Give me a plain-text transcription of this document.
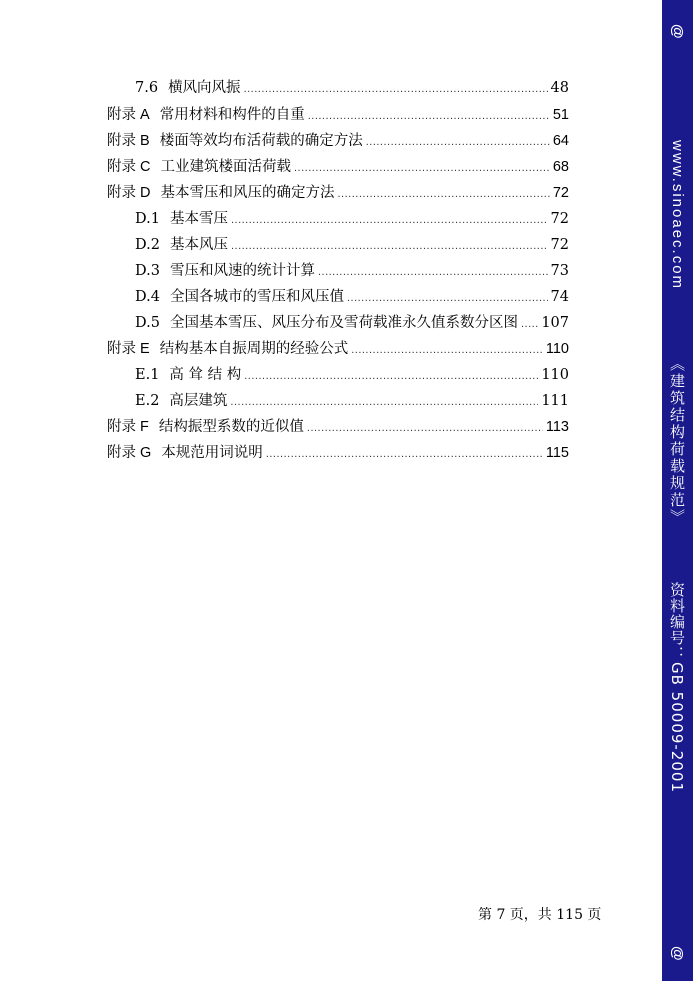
7.6 横风向风振 .....	48
附录 A 常用材料和构件的自重 .....	51
附录 B 楼面等效均布活荷载的确定方法 .....	64
附录 C 工业建筑楼面活荷载 .....	68
附录 D 基本雪压和风压的确定方法 .....	72
D.1 基本雪压 .....	72
D.2 基本风压 .....	72
D.3 雪压和风速的统计计算 .....	73
D.4 全国各城市的雪压和风压值 .....	74
D.5 全国基本雪压、风压分布及雪荷载准永久值系数分区图 ..... 107
附录 E 结构基本自振周期的经验公式 .....	110
E.1 高 耸 结 构 .....	110
E.2 高层建筑 .....	111
附录 F 结构振型系数的近似值 .....	113
附录 G 本规范用词说明 .....	115
第 7 页，共 115 页
@
www.sinoaec.com
《建筑结构荷载规范》
资料编号：GB 50009-2001
@
